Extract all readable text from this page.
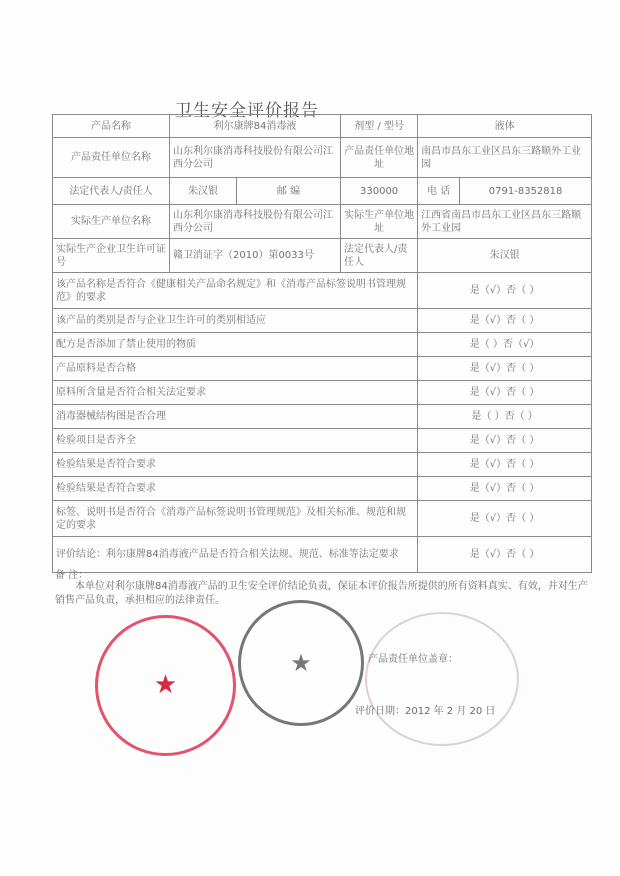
卫生安全评价报告
产品名称	利尔康牌84消毒液		剂型 / 型号	液体	
产品责任单位名称	山东利尔康消毒科技股份有限公司江西分公司		产品责任单位地址	南昌市昌东工业区昌东三路顺外工业园	
法定代表人/责任人	朱汉银	邮 编	330000	电 话	0791-8352818
实际生产单位名称	山东利尔康消毒科技股份有限公司江西分公司		实际生产单位地址	江西省南昌市昌东工业区昌东三路顺外工业园	
实际生产企业卫生许可证号	赣卫消证字（2010）第0033号		法定代表人/责任人	朱汉银	
该产品名称是否符合《健康相关产品命名规定》和《消毒产品标签说明书管理规范》的要求				是（√）否（ ）	
该产品的类别是否与企业卫生许可的类别相适应				是（√）否（ ）	
配方是否添加了禁止使用的物质				是（ ）否（√）	
产品原料是否合格				是（√）否（ ）	
原料所含量是否符合相关法定要求				是（√）否（ ）	
消毒器械结构图是否合理				是（ ）否（ ）	
检验项目是否齐全				是（√）否（ ）	
检验结果是否符合要求				是（√）否（ ）	
检验结果是否符合要求				是（√）否（ ）	
标签、说明书是否符合《消毒产品标签说明书管理规范》及相关标准、规范和规定的要求				是（√）否（ ）	
评价结论：利尔康牌84消毒液产品是否符合相关法规、规范、标准等法定要求				是（√）否（ ）	
备 注：
本单位对利尔康牌84消毒液产品的卫生安全评价结论负责，保证本评价报告所提供的所有资料真实、有效，并对生产销售产品负责，承担相应的法律责任。
★
★	产品责任单位盖章：
评价日期：2012 年 2 月 20 日
